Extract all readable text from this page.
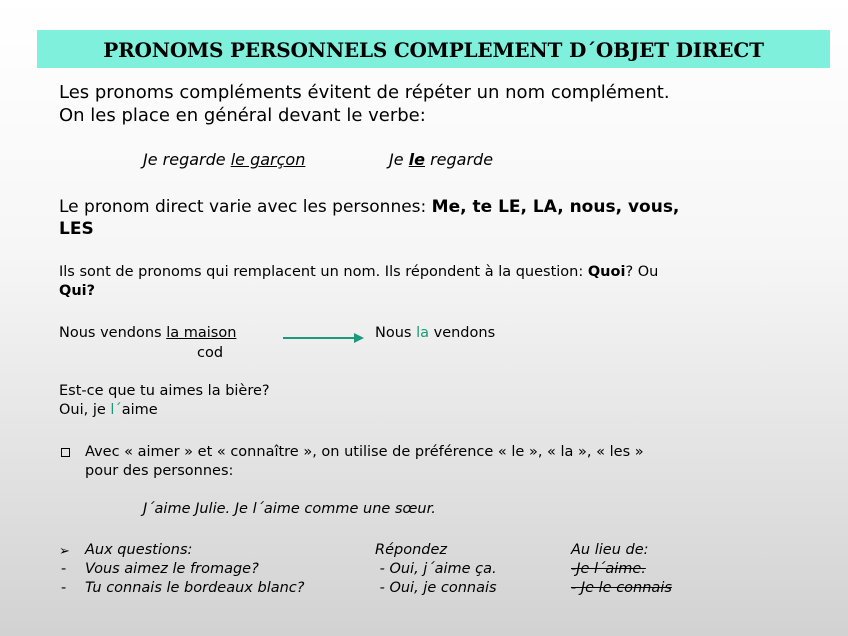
PRONOMS PERSONNELS COMPLEMENT D´OBJET DIRECT
Les pronoms compléments évitent de répéter un nom complément.
On les place en général devant le verbe:
Je regarde le garçon	Je le regarde
Le pronom direct varie avec les personnes: Me, te LE, LA, nous, vous,
LES
Ils sont de pronoms qui remplacent un nom. Ils répondent à la question: Quoi? Ou
Qui?
Nous vendons la maison
cod
Nous la vendons
Est-ce que tu aimes la bière?
Oui, je l´aime
Avec « aimer » et « connaître », on utilise de préférence « le », « la », « les »
pour des personnes:
J´aime Julie. Je l´aime comme une sœur.
➢ Aux questions:	Répondez	Au lieu de:
- Vous aimez le fromage?	- Oui, j´aime ça.	-Je l´aime.
- Tu connais le bordeaux blanc?	- Oui, je connais	- Je le connais
